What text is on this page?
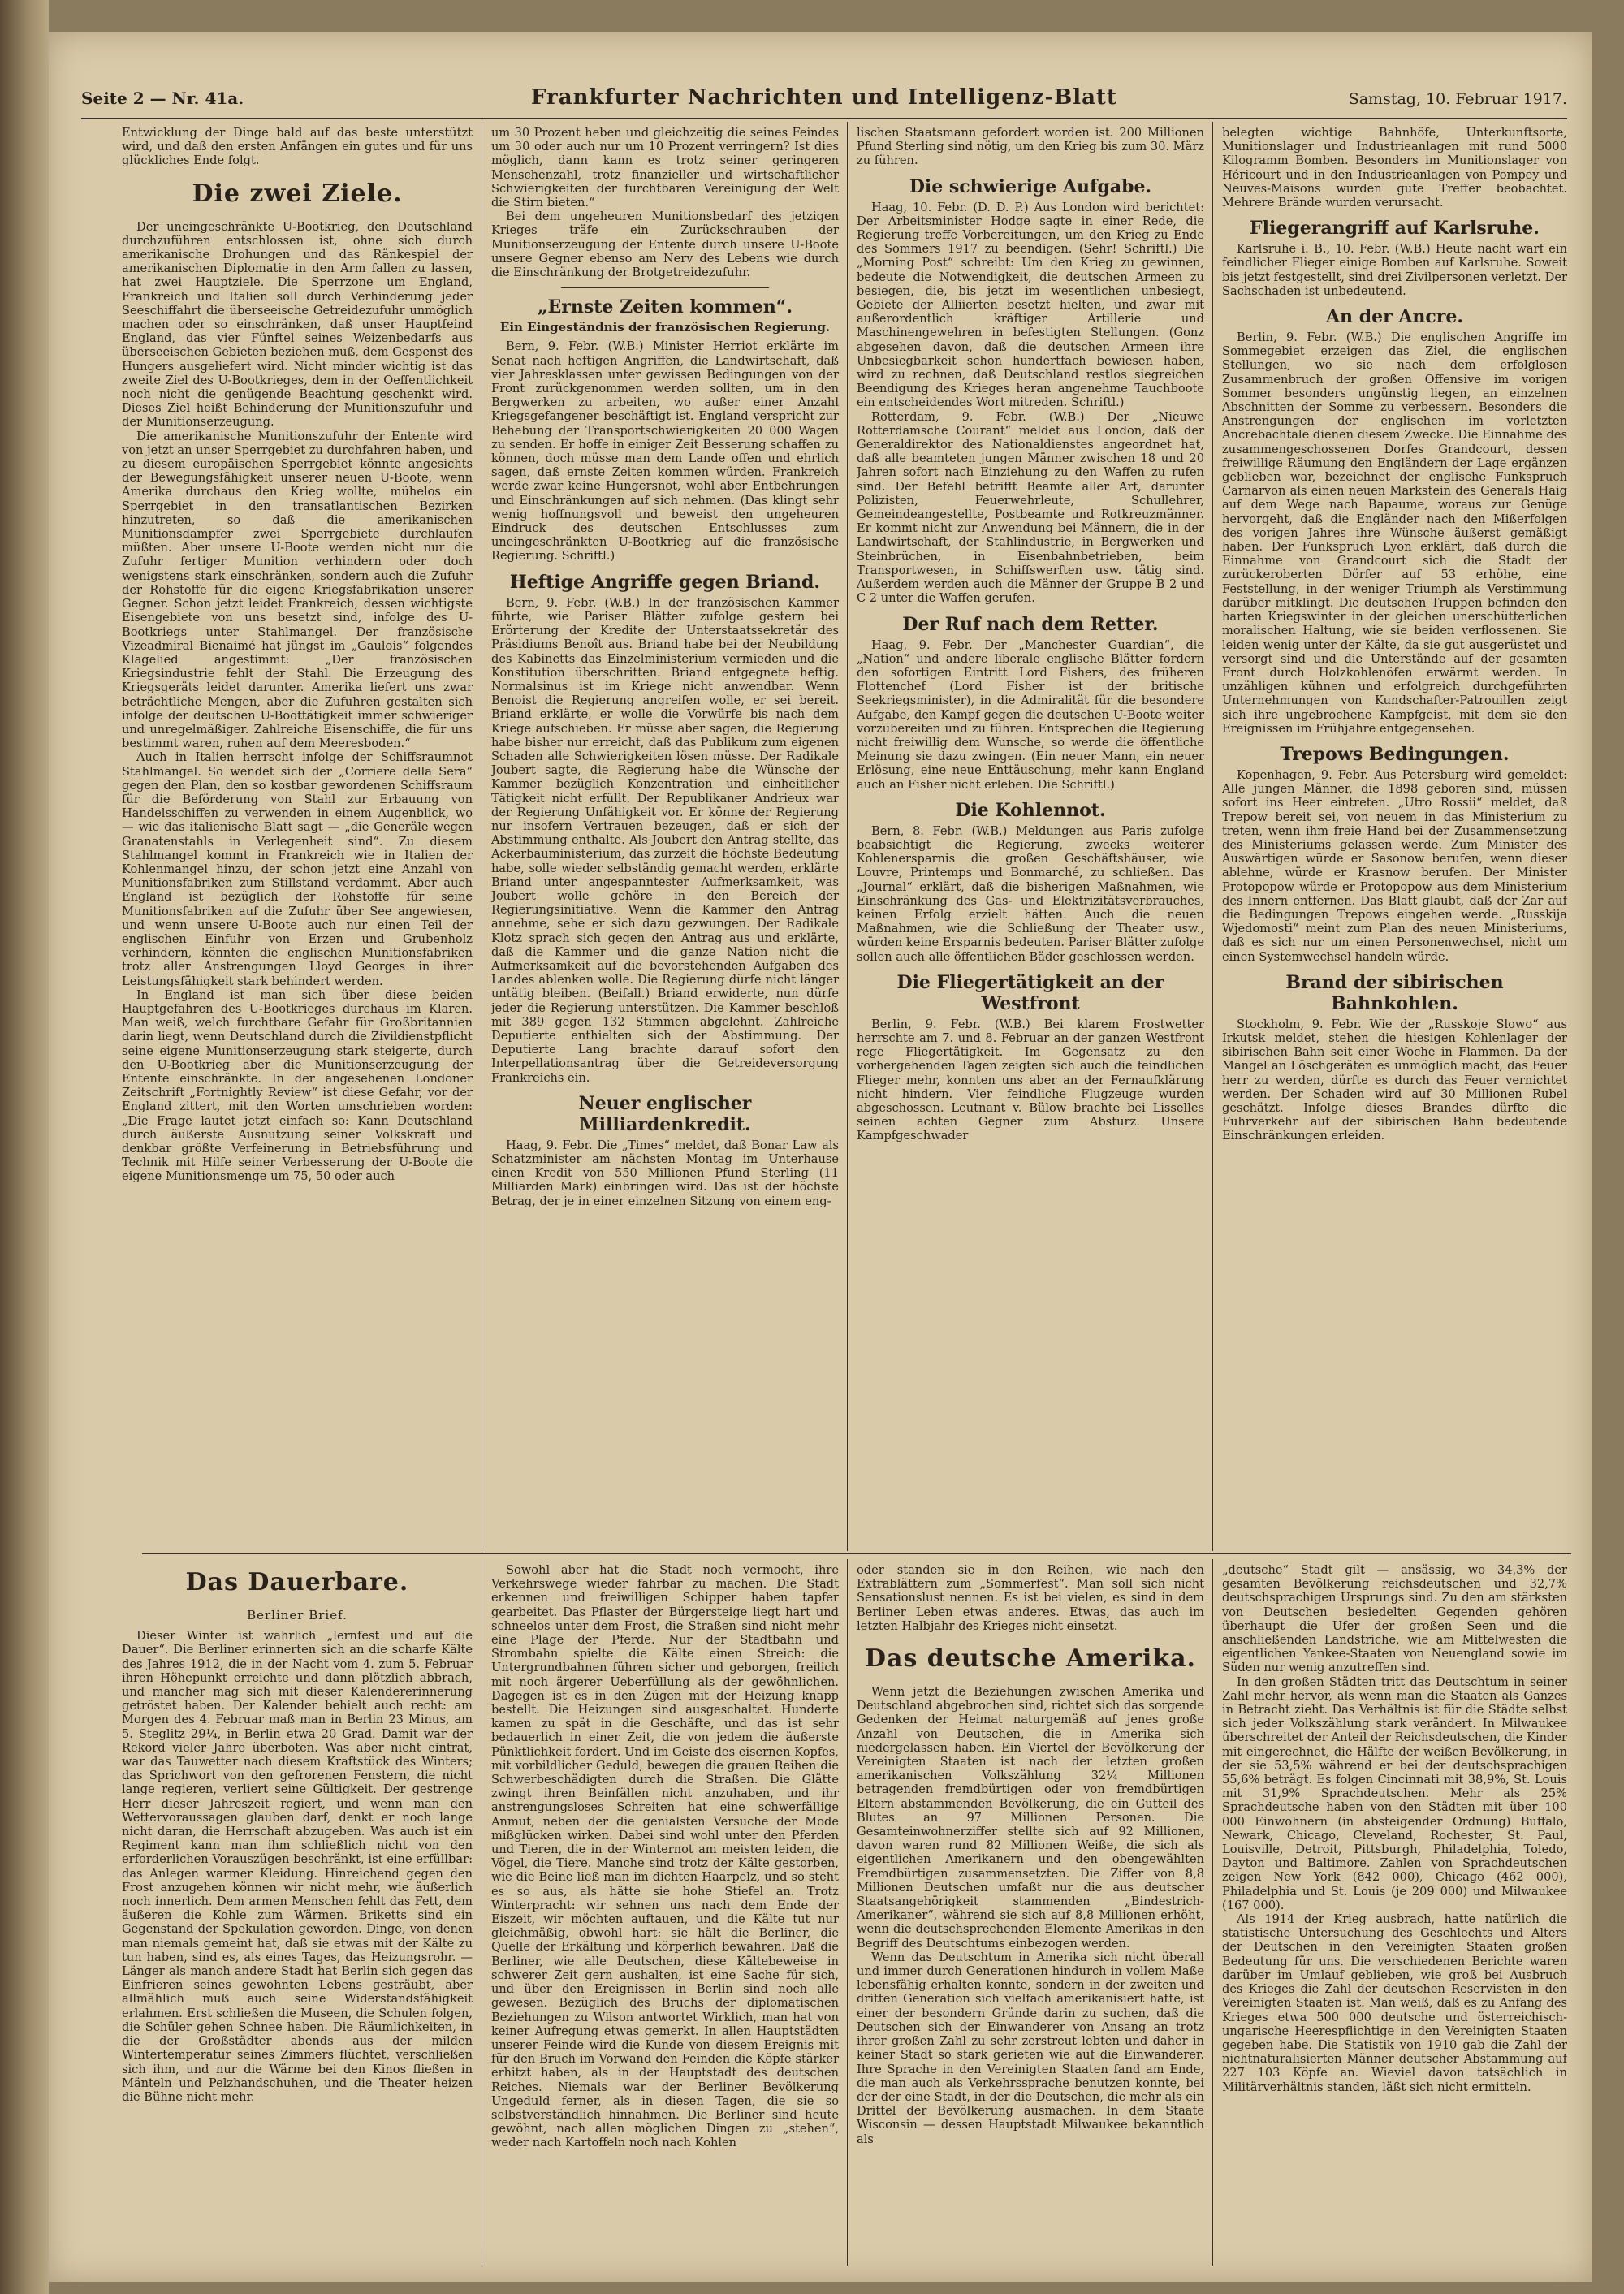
Seite 2 — Nr. 41a.	Frankfurter Nachrichten und Intelligenz-Blatt	Samstag, 10. Februar 1917.

Entwicklung der Dinge bald auf das beste unterstützt wird, und daß den ersten Anfängen ein gutes und für uns glückliches Ende folgt.

Die zwei Ziele.

Der uneingeschränkte U-Bootkrieg, den Deutschland durchzuführen entschlossen ist, ohne sich durch amerikanische Drohungen und das Ränkespiel der amerikanischen Diplomatie in den Arm fallen zu lassen, hat zwei Hauptziele. Die Sperrzone um England, Frankreich und Italien soll durch Verhinderung jeder Seeschiffahrt die überseeische Getreidezufuhr unmöglich machen oder so einschränken, daß unser Hauptfeind England, das vier Fünftel seines Weizenbedarfs aus überseeischen Gebieten beziehen muß, dem Gespenst des Hungers ausgeliefert wird. Nicht minder wichtig ist das zweite Ziel des U-Bootkrieges, dem in der Oeffentlichkeit noch nicht die genügende Beachtung geschenkt wird. Dieses Ziel heißt Behinderung der Munitionszufuhr und der Munitionserzeugung.

Die amerikanische Munitionszufuhr der Entente wird von jetzt an unser Sperrgebiet zu durchfahren haben, und zu diesem europäischen Sperrgebiet könnte angesichts der Bewegungsfähigkeit unserer neuen U-Boote, wenn Amerika durchaus den Krieg wollte, mühelos ein Sperrgebiet in den transatlantischen Bezirken hinzutreten, so daß die amerikanischen Munitionsdampfer zwei Sperrgebiete durchlaufen müßten. Aber unsere U-Boote werden nicht nur die Zufuhr fertiger Munition verhindern oder doch wenigstens stark einschränken, sondern auch die Zufuhr der Rohstoffe für die eigene Kriegsfabrikation unserer Gegner. Schon jetzt leidet Frankreich, dessen wichtigste Eisengebiete von uns besetzt sind, infolge des U-Bootkriegs unter Stahlmangel. Der französische Vizeadmiral Bienaimé hat jüngst im „Gaulois“ folgendes Klagelied angestimmt: „Der französischen Kriegsindustrie fehlt der Stahl. Die Erzeugung des Kriegsgeräts leidet darunter. Amerika liefert uns zwar beträchtliche Mengen, aber die Zufuhren gestalten sich infolge der deutschen U-Boottätigkeit immer schwieriger und unregelmäßiger. Zahlreiche Eisenschiffe, die für uns bestimmt waren, ruhen auf dem Meeresboden.“

Auch in Italien herrscht infolge der Schiffsraumnot Stahlmangel. So wendet sich der „Corriere della Sera“ gegen den Plan, den so kostbar gewordenen Schiffsraum für die Beförderung von Stahl zur Erbauung von Handelsschiffen zu verwenden in einem Augenblick, wo — wie das italienische Blatt sagt — „die Generäle wegen Granatenstahls in Verlegenheit sind“. Zu diesem Stahlmangel kommt in Frankreich wie in Italien der Kohlenmangel hinzu, der schon jetzt eine Anzahl von Munitionsfabriken zum Stillstand verdammt. Aber auch England ist bezüglich der Rohstoffe für seine Munitionsfabriken auf die Zufuhr über See angewiesen, und wenn unsere U-Boote auch nur einen Teil der englischen Einfuhr von Erzen und Grubenholz verhindern, könnten die englischen Munitionsfabriken trotz aller Anstrengungen Lloyd Georges in ihrer Leistungsfähigkeit stark behindert werden.

In England ist man sich über diese beiden Hauptgefahren des U-Bootkrieges durchaus im Klaren. Man weiß, welch furchtbare Gefahr für Großbritannien darin liegt, wenn Deutschland durch die Zivildienstpflicht seine eigene Munitionserzeugung stark steigerte, durch den U-Bootkrieg aber die Munitionserzeugung der Entente einschränkte. In der angesehenen Londoner Zeitschrift „Fortnightly Review“ ist diese Gefahr, vor der England zittert, mit den Worten umschrieben worden: „Die Frage lautet jetzt einfach so: Kann Deutschland durch äußerste Ausnutzung seiner Volkskraft und denkbar größte Verfeinerung in Betriebsführung und Technik mit Hilfe seiner Verbesserung der U-Boote die eigene Munitionsmenge um 75, 50 oder auch

um 30 Prozent heben und gleichzeitig die seines Feindes um 30 oder auch nur um 10 Prozent verringern? Ist dies möglich, dann kann es trotz seiner geringeren Menschenzahl, trotz finanzieller und wirtschaftlicher Schwierigkeiten der furchtbaren Vereinigung der Welt die Stirn bieten.“

Bei dem ungeheuren Munitionsbedarf des jetzigen Krieges träfe ein Zurückschrauben der Munitionserzeugung der Entente durch unsere U-Boote unsere Gegner ebenso am Nerv des Lebens wie durch die Einschränkung der Brotgetreidezufuhr.

„Ernste Zeiten kommen“.
Ein Eingeständnis der französischen Regierung.

Bern, 9. Febr. (W.B.) Minister Herriot erklärte im Senat nach heftigen Angriffen, die Landwirtschaft, daß vier Jahresklassen unter gewissen Bedingungen von der Front zurückgenommen werden sollten, um in den Bergwerken zu arbeiten, wo außer einer Anzahl Kriegsgefangener beschäftigt ist. England verspricht zur Behebung der Transportschwierigkeiten 20 000 Wagen zu senden. Er hoffe in einiger Zeit Besserung schaffen zu können, doch müsse man dem Lande offen und ehrlich sagen, daß ernste Zeiten kommen würden. Frankreich werde zwar keine Hungersnot, wohl aber Entbehrungen und Einschränkungen auf sich nehmen. (Das klingt sehr wenig hoffnungsvoll und beweist den ungeheuren Eindruck des deutschen Entschlusses zum uneingeschränkten U-Bootkrieg auf die französische Regierung. Schriftl.)

Heftige Angriffe gegen Briand.

Bern, 9. Febr. (W.B.) In der französischen Kammer führte, wie Pariser Blätter zufolge gestern bei Erörterung der Kredite der Unterstaatssekretär des Präsidiums Benoît aus. Briand habe bei der Neubildung des Kabinetts das Einzelministerium vermieden und die Konstitution überschritten. Briand entgegnete heftig. Normalsinus ist im Kriege nicht anwendbar. Wenn Benoist die Regierung angreifen wolle, er sei bereit. Briand erklärte, er wolle die Vorwürfe bis nach dem Kriege aufschieben. Er müsse aber sagen, die Regierung habe bisher nur erreicht, daß das Publikum zum eigenen Schaden alle Schwierigkeiten lösen müsse. Der Radikale Joubert sagte, die Regierung habe die Wünsche der Kammer bezüglich Konzentration und einheitlicher Tätigkeit nicht erfüllt. Der Republikaner Andrieux war der Regierung Unfähigkeit vor. Er könne der Regierung nur insofern Vertrauen bezeugen, daß er sich der Abstimmung enthalte. Als Joubert den Antrag stellte, das Ackerbauministerium, das zurzeit die höchste Bedeutung habe, solle wieder selbständig gemacht werden, erklärte Briand unter angespanntester Aufmerksamkeit, was Joubert wolle gehöre in den Bereich der Regierungsinitiative. Wenn die Kammer den Antrag annehme, sehe er sich dazu gezwungen. Der Radikale Klotz sprach sich gegen den Antrag aus und erklärte, daß die Kammer und die ganze Nation nicht die Aufmerksamkeit auf die bevorstehenden Aufgaben des Landes ablenken wolle. Die Regierung dürfe nicht länger untätig bleiben. (Beifall.) Briand erwiderte, nun dürfe jeder die Regierung unterstützen. Die Kammer beschloß mit 389 gegen 132 Stimmen abgelehnt. Zahlreiche Deputierte enthielten sich der Abstimmung. Der Deputierte Lang brachte darauf sofort den Interpellationsantrag über die Getreideversorgung Frankreichs ein.

Neuer englischer Milliardenkredit.

Haag, 9. Febr. Die „Times“ meldet, daß Bonar Law als Schatzminister am nächsten Montag im Unterhause einen Kredit von 550 Millionen Pfund Sterling (11 Milliarden Mark) einbringen wird. Das ist der höchste Betrag, der je in einer einzelnen Sitzung von einem eng-

lischen Staatsmann gefordert worden ist. 200 Millionen Pfund Sterling sind nötig, um den Krieg bis zum 30. März zu führen.

Die schwierige Aufgabe.

Haag, 10. Febr. (D. D. P.) Aus London wird berichtet: Der Arbeitsminister Hodge sagte in einer Rede, die Regierung treffe Vorbereitungen, um den Krieg zu Ende des Sommers 1917 zu beendigen. (Sehr! Schriftl.) Die „Morning Post“ schreibt: Um den Krieg zu gewinnen, bedeute die Notwendigkeit, die deutschen Armeen zu besiegen, die, bis jetzt im wesentlichen unbesiegt, Gebiete der Alliierten besetzt hielten, und zwar mit außerordentlich kräftiger Artillerie und Maschinengewehren in befestigten Stellungen. (Gonz abgesehen davon, daß die deutschen Armeen ihre Unbesiegbarkeit schon hundertfach bewiesen haben, wird zu rechnen, daß Deutschland restlos siegreichen Beendigung des Krieges heran angenehme Tauchboote ein entscheidendes Wort mitreden. Schriftl.)

Rotterdam, 9. Febr. (W.B.) Der „Nieuwe Rotterdamsche Courant“ meldet aus London, daß der Generaldirektor des Nationaldienstes angeordnet hat, daß alle beamteten jungen Männer zwischen 18 und 20 Jahren sofort nach Einziehung zu den Waffen zu rufen sind. Der Befehl betrifft Beamte aller Art, darunter Polizisten, Feuerwehrleute, Schullehrer, Gemeindeangestellte, Postbeamte und Rotkreuzmänner. Er kommt nicht zur Anwendung bei Männern, die in der Landwirtschaft, der Stahlindustrie, in Bergwerken und Steinbrüchen, in Eisenbahnbetrieben, beim Transportwesen, in Schiffswerften usw. tätig sind. Außerdem werden auch die Männer der Gruppe B 2 und C 2 unter die Waffen gerufen.

Der Ruf nach dem Retter.

Haag, 9. Febr. Der „Manchester Guardian“, die „Nation“ und andere liberale englische Blätter fordern den sofortigen Eintritt Lord Fishers, des früheren Flottenchef (Lord Fisher ist der britische Seekriegsminister), in die Admiralität für die besondere Aufgabe, den Kampf gegen die deutschen U-Boote weiter vorzubereiten und zu führen. Entsprechen die Regierung nicht freiwillig dem Wunsche, so werde die öffentliche Meinung sie dazu zwingen. (Ein neuer Mann, ein neuer Erlösung, eine neue Enttäuschung, mehr kann England auch an Fisher nicht erleben. Die Schriftl.)

Die Kohlennot.

Bern, 8. Febr. (W.B.) Meldungen aus Paris zufolge beabsichtigt die Regierung, zwecks weiterer Kohlenersparnis die großen Geschäftshäuser, wie Louvre, Printemps und Bonmarché, zu schließen. Das „Journal“ erklärt, daß die bisherigen Maßnahmen, wie Einschränkung des Gas- und Elektrizitätsverbrauches, keinen Erfolg erzielt hätten. Auch die neuen Maßnahmen, wie die Schließung der Theater usw., würden keine Ersparnis bedeuten. Pariser Blätter zufolge sollen auch alle öffentlichen Bäder geschlossen werden.

Die Fliegertätigkeit an der Westfront

Berlin, 9. Febr. (W.B.) Bei klarem Frostwetter herrschte am 7. und 8. Februar an der ganzen Westfront rege Fliegertätigkeit. Im Gegensatz zu den vorhergehenden Tagen zeigten sich auch die feindlichen Flieger mehr, konnten uns aber an der Fernaufklärung nicht hindern. Vier feindliche Flugzeuge wurden abgeschossen. Leutnant v. Bülow brachte bei Lisselles seinen achten Gegner zum Absturz. Unsere Kampfgeschwader

belegten wichtige Bahnhöfe, Unterkunftsorte, Munitionslager und Industrieanlagen mit rund 5000 Kilogramm Bomben. Besonders im Munitionslager von Héricourt und in den Industrieanlagen von Pompey und Neuves-Maisons wurden gute Treffer beobachtet. Mehrere Brände wurden verursacht.

Fliegerangriff auf Karlsruhe.

Karlsruhe i. B., 10. Febr. (W.B.) Heute nacht warf ein feindlicher Flieger einige Bomben auf Karlsruhe. Soweit bis jetzt festgestellt, sind drei Zivilpersonen verletzt. Der Sachschaden ist unbedeutend.

An der Ancre.

Berlin, 9. Febr. (W.B.) Die englischen Angriffe im Sommegebiet erzeigen das Ziel, die englischen Stellungen, wo sie nach dem erfolglosen Zusammenbruch der großen Offensive im vorigen Sommer besonders ungünstig liegen, an einzelnen Abschnitten der Somme zu verbessern. Besonders die Anstrengungen der englischen im vorletzten Ancrebachtale dienen diesem Zwecke. Die Einnahme des zusammengeschossenen Dorfes Grandcourt, dessen freiwillige Räumung den Engländern der Lage ergänzen geblieben war, bezeichnet der englische Funkspruch Carnarvon als einen neuen Markstein des Generals Haig auf dem Wege nach Bapaume, woraus zur Genüge hervorgeht, daß die Engländer nach den Mißerfolgen des vorigen Jahres ihre Wünsche äußerst gemäßigt haben. Der Funkspruch Lyon erklärt, daß durch die Einnahme von Grandcourt sich die Stadt der zurückeroberten Dörfer auf 53 erhöhe, eine Feststellung, in der weniger Triumph als Verstimmung darüber mitklingt. Die deutschen Truppen befinden den harten Kriegswinter in der gleichen unerschütterlichen moralischen Haltung, wie sie beiden verflossenen. Sie leiden wenig unter der Kälte, da sie gut ausgerüstet und versorgt sind und die Unterstände auf der gesamten Front durch Holzkohlenöfen erwärmt werden. In unzähligen kühnen und erfolgreich durchgeführten Unternehmungen von Kundschafter-Patrouillen zeigt sich ihre ungebrochene Kampfgeist, mit dem sie den Ereignissen im Frühjahre entgegensehen.

Trepows Bedingungen.

Kopenhagen, 9. Febr. Aus Petersburg wird gemeldet: Alle jungen Männer, die 1898 geboren sind, müssen sofort ins Heer eintreten. „Utro Rossii“ meldet, daß Trepow bereit sei, von neuem in das Ministerium zu treten, wenn ihm freie Hand bei der Zusammensetzung des Ministeriums gelassen werde. Zum Minister des Auswärtigen würde er Sasonow berufen, wenn dieser ablehne, würde er Krasnow berufen. Der Minister Protopopow würde er Protopopow aus dem Ministerium des Innern entfernen. Das Blatt glaubt, daß der Zar auf die Bedingungen Trepows eingehen werde. „Russkija Wjedomosti“ meint zum Plan des neuen Ministeriums, daß es sich nur um einen Personenwechsel, nicht um einen Systemwechsel handeln würde.

Brand der sibirischen Bahnkohlen.

Stockholm, 9. Febr. Wie der „Russkoje Slowo“ aus Irkutsk meldet, stehen die hiesigen Kohlenlager der sibirischen Bahn seit einer Woche in Flammen. Da der Mangel an Löschgeräten es unmöglich macht, das Feuer herr zu werden, dürfte es durch das Feuer vernichtet werden. Der Schaden wird auf 30 Millionen Rubel geschätzt. Infolge dieses Brandes dürfte die Fuhrverkehr auf der sibirischen Bahn bedeutende Einschränkungen erleiden.

Das Dauerbare.
Berliner Brief.

Dieser Winter ist wahrlich „lernfest und auf die Dauer“. Die Berliner erinnerten sich an die scharfe Kälte des Jahres 1912, die in der Nacht vom 4. zum 5. Februar ihren Höhepunkt erreichte und dann plötzlich abbrach, und mancher mag sich mit dieser Kalendererinnerung getröstet haben. Der Kalender behielt auch recht: am Morgen des 4. Februar maß man in Berlin 23 Minus, am 5. Steglitz 29¼, in Berlin etwa 20 Grad. Damit war der Rekord vieler Jahre überboten. Was aber nicht eintrat, war das Tauwetter nach diesem Kraftstück des Winters; das Sprichwort von den gefrorenen Fenstern, die nicht lange regieren, verliert seine Gültigkeit. Der gestrenge Herr dieser Jahreszeit regiert, und wenn man den Wettervoraussagen glauben darf, denkt er noch lange nicht daran, die Herrschaft abzugeben. Was auch ist ein Regiment kann man ihm schließlich nicht von den erforderlichen Vorauszügen beschränkt, ist eine erfüllbar: das Anlegen warmer Kleidung. Hinreichend gegen den Frost anzugehen können wir nicht mehr, wie äußerlich noch innerlich. Dem armen Menschen fehlt das Fett, dem äußeren die Kohle zum Wärmen. Briketts sind ein Gegenstand der Spekulation geworden. Dinge, von denen man niemals gemeint hat, daß sie etwas mit der Kälte zu tun haben, sind es, als eines Tages, das Heizungsrohr. — Länger als manch andere Stadt hat Berlin sich gegen das Einfrieren seines gewohnten Lebens gesträubt, aber allmählich muß auch seine Widerstandsfähigkeit erlahmen. Erst schließen die Museen, die Schulen folgen, die Schüler gehen Schnee haben. Die Räumlichkeiten, in die der Großstädter abends aus der milden Wintertemperatur seines Zimmers flüchtet, verschließen sich ihm, und nur die Wärme bei den Kinos fließen in Mänteln und Pelzhandschuhen, und die Theater heizen die Bühne nicht mehr.

Sowohl aber hat die Stadt noch vermocht, ihre Verkehrswege wieder fahrbar zu machen. Die Stadt erkennen und freiwilligen Schipper haben tapfer gearbeitet. Das Pflaster der Bürgersteige liegt hart und schneelos unter dem Frost, die Straßen sind nicht mehr eine Plage der Pferde. Nur der Stadtbahn und Strombahn spielte die Kälte einen Streich: die Untergrundbahnen führen sicher und geborgen, freilich mit noch ärgerer Ueberfüllung als der gewöhnlichen. Dagegen ist es in den Zügen mit der Heizung knapp bestellt. Die Heizungen sind ausgeschaltet. Hunderte kamen zu spät in die Geschäfte, und das ist sehr bedauerlich in einer Zeit, die von jedem die äußerste Pünktlichkeit fordert. Und im Geiste des eisernen Kopfes, mit vorbildlicher Geduld, bewegen die grauen Reihen die Schwerbeschädigten durch die Straßen. Die Glätte zwingt ihren Beinfällen nicht anzuhaben, und ihr anstrengungsloses Schreiten hat eine schwerfällige Anmut, neben der die genialsten Versuche der Mode mißglücken wirken. Dabei sind wohl unter den Pferden und Tieren, die in der Winternot am meisten leiden, die Vögel, die Tiere. Manche sind trotz der Kälte gestorben, wie die Beine ließ man im dichten Haarpelz, und so steht es so aus, als hätte sie hohe Stiefel an. Trotz Winterpracht: wir sehnen uns nach dem Ende der Eiszeit, wir möchten auftauen, und die Kälte tut nur gleichmäßig, obwohl hart: sie hält die Berliner, die Quelle der Erkältung und körperlich bewahren. Daß die Berliner, wie alle Deutschen, diese Kältebeweise in schwerer Zeit gern aushalten, ist eine Sache für sich, und über den Ereignissen in Berlin sind noch alle gewesen. Bezüglich des Bruchs der diplomatischen Beziehungen zu Wilson antwortet Wirklich, man hat von keiner Aufregung etwas gemerkt. In allen Hauptstädten unserer Feinde wird die Kunde von diesem Ereignis mit für den Bruch im Vorwand den Feinden die Köpfe stärker erhitzt haben, als in der Hauptstadt des deutschen Reiches. Niemals war der Berliner Bevölkerung Ungeduld ferner, als in diesen Tagen, die sie so selbstverständlich hinnahmen. Die Berliner sind heute gewöhnt, nach allen möglichen Dingen zu „stehen“, weder nach Kartoffeln noch nach Kohlen

oder standen sie in den Reihen, wie nach den Extrablättern zum „Sommerfest“. Man soll sich nicht Sensationslust nennen. Es ist bei vielen, es sind in dem Berliner Leben etwas anderes. Etwas, das auch im letzten Halbjahr des Krieges nicht einsetzt.

Das deutsche Amerika.

Wenn jetzt die Beziehungen zwischen Amerika und Deutschland abgebrochen sind, richtet sich das sorgende Gedenken der Heimat naturgemäß auf jenes große Anzahl von Deutschen, die in Amerika sich niedergelassen haben. Ein Viertel der Bevölkerung der Vereinigten Staaten ist nach der letzten großen amerikanischen Volkszählung 32¼ Millionen betragenden fremdbürtigen oder von fremdbürtigen Eltern abstammenden Bevölkerung, die ein Gutteil des Blutes an 97 Millionen Personen. Die Gesamteinwohnerziffer stellte sich auf 92 Millionen, davon waren rund 82 Millionen Weiße, die sich als eigentlichen Amerikanern und den obengewählten Fremdbürtigen zusammensetzten. Die Ziffer von 8,8 Millionen Deutschen umfaßt nur die aus deutscher Staatsangehörigkeit stammenden „Bindestrich-Amerikaner“, während sie sich auf 8,8 Millionen erhöht, wenn die deutschsprechenden Elemente Amerikas in den Begriff des Deutschtums einbezogen werden.

Wenn das Deutschtum in Amerika sich nicht überall und immer durch Generationen hindurch in vollem Maße lebensfähig erhalten konnte, sondern in der zweiten und dritten Generation sich vielfach amerikanisiert hatte, ist einer der besondern Gründe darin zu suchen, daß die Deutschen sich der Einwanderer von Ansang an trotz ihrer großen Zahl zu sehr zerstreut lebten und daher in keiner Stadt so stark gerieten wie auf die Einwanderer. Ihre Sprache in den Vereinigten Staaten fand am Ende, die man auch als Verkehrssprache benutzen konnte, bei der der eine Stadt, in der die Deutschen, die mehr als ein Drittel der Bevölkerung ausmachen. In dem Staate Wisconsin — dessen Hauptstadt Milwaukee bekanntlich als

„deutsche“ Stadt gilt — ansässig, wo 34,3% der gesamten Bevölkerung reichsdeutschen und 32,7% deutschsprachigen Ursprungs sind. Zu den am stärksten von Deutschen besiedelten Gegenden gehören überhaupt die Ufer der großen Seen und die anschließenden Landstriche, wie am Mittelwesten die eigentlichen Yankee-Staaten von Neuengland sowie im Süden nur wenig anzutreffen sind.

In den großen Städten tritt das Deutschtum in seiner Zahl mehr hervor, als wenn man die Staaten als Ganzes in Betracht zieht. Das Verhältnis ist für die Städte selbst sich jeder Volkszählung stark verändert. In Milwaukee überschreitet der Anteil der Reichsdeutschen, die Kinder mit eingerechnet, die Hälfte der weißen Bevölkerung, in der sie 53,5% während er bei der deutschsprachigen 55,6% beträgt. Es folgen Cincinnati mit 38,9%, St. Louis mit 31,9% Sprachdeutschen. Mehr als 25% Sprachdeutsche haben von den Städten mit über 100 000 Einwohnern (in absteigender Ordnung) Buffalo, Newark, Chicago, Cleveland, Rochester, St. Paul, Louisville, Detroit, Pittsburgh, Philadelphia, Toledo, Dayton und Baltimore. Zahlen von Sprachdeutschen zeigen New York (842 000), Chicago (462 000), Philadelphia und St. Louis (je 209 000) und Milwaukee (167 000).

Als 1914 der Krieg ausbrach, hatte natürlich die statistische Untersuchung des Geschlechts und Alters der Deutschen in den Vereinigten Staaten großen Bedeutung für uns. Die verschiedenen Berichte waren darüber im Umlauf geblieben, wie groß bei Ausbruch des Krieges die Zahl der deutschen Reservisten in den Vereinigten Staaten ist. Man weiß, daß es zu Anfang des Krieges etwa 500 000 deutsche und österreichisch-ungarische Heerespflichtige in den Vereinigten Staaten gegeben habe. Die Statistik von 1910 gab die Zahl der nichtnaturalisierten Männer deutscher Abstammung auf 227 103 Köpfe an. Wieviel davon tatsächlich in Militärverhältnis standen, läßt sich nicht ermitteln.
